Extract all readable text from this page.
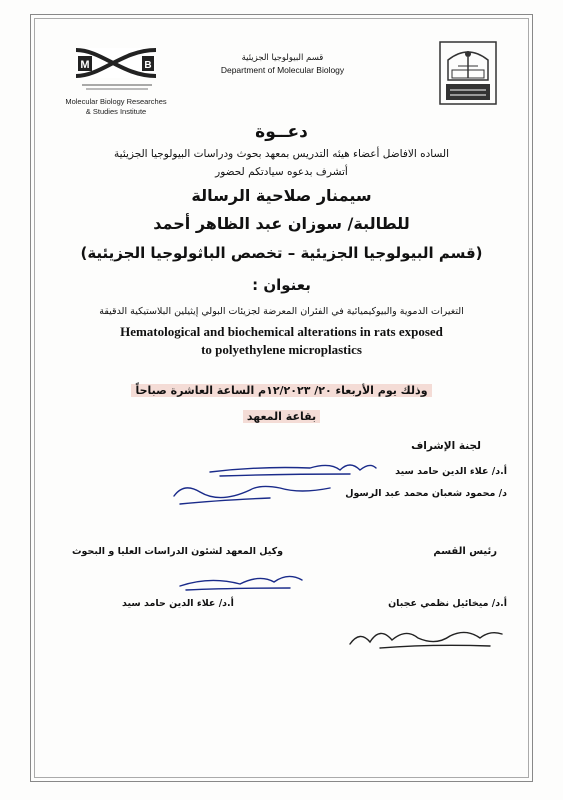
M	B
Molecular Biology Researches
& Studies Institute
قسم البيولوجيا الجزيئية
Department of Molecular Biology
دعــوة
الساده الافاضل أعضاء هيئه التدريس بمعهد بحوث ودراسات البيولوجيا الجزيئية
أتشرف بدعوه سيادتكم لحضور
سيمنار صلاحية الرسالة
للطالبة/ سوزان عبد الظاهر أحمد
(قسم البيولوجيا الجزيئية – تخصص الباثولوجيا الجزيئية)
بعنوان :
التغيرات الدموية والبيوكيميائية في الفئران المعرضة لجزيئات البولي إيثيلين البلاستيكية الدقيقة
Hematological and biochemical alterations in rats exposed
to polyethylene microplastics
وذلك يوم الأربعاء ٢٠/ ١٢/٢٠٢٣م الساعة العاشرة صباحاً
بقاعة المعهد
لجنة الإشراف
أ.د/ علاء الدين حامد سيد
د/ محمود شعبان محمد عبد الرسول
رئيس القسم
وكيل المعهد لشئون الدراسات العليا و البحوث
أ.د/ علاء الدين حامد سيد	أ.د/ ميخائيل نظمي عجبان
